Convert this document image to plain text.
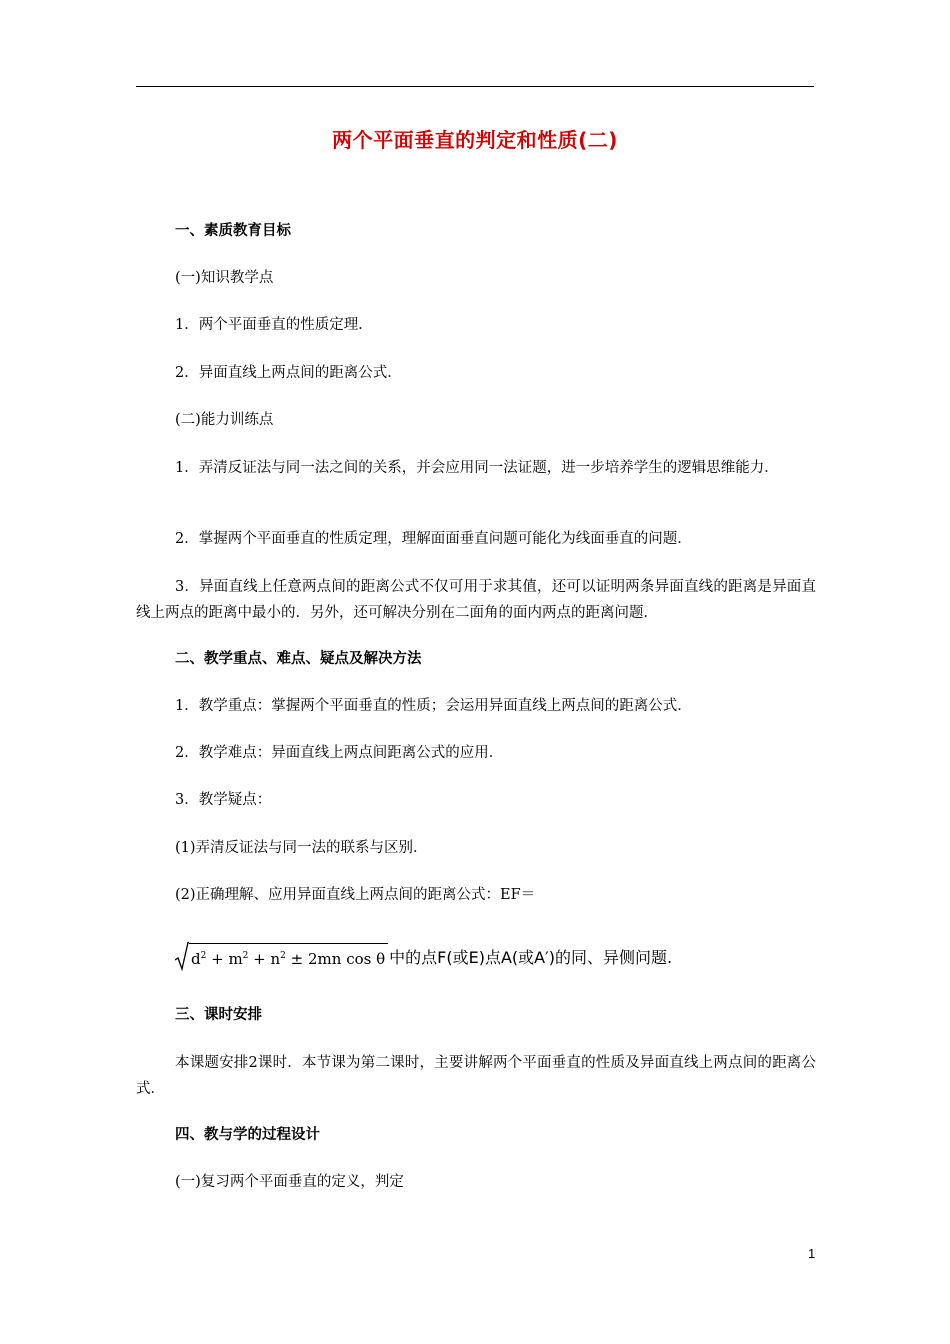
两个平面垂直的判定和性质(二)
一、素质教育目标
(一)知识教学点
1．两个平面垂直的性质定理．
2．异面直线上两点间的距离公式．
(二)能力训练点
1．弄清反证法与同一法之间的关系，并会应用同一法证题，进一步培养学生的逻辑思维能力．
2．掌握两个平面垂直的性质定理，理解面面垂直问题可能化为线面垂直的问题．
3．异面直线上任意两点间的距离公式不仅可用于求其值，还可以证明两条异面直线的距离是异面直线上两点的距离中最小的．另外，还可解决分别在二面角的面内两点的距离问题．
二、教学重点、难点、疑点及解决方法
1．教学重点：掌握两个平面垂直的性质；会运用异面直线上两点间的距离公式．
2．教学难点：异面直线上两点间距离公式的应用．
3．教学疑点：
(1)弄清反证法与同一法的联系与区别．
(2)正确理解、应用异面直线上两点间的距离公式：EF＝
$d^2 + m^2 + n^2 \pm 2mn$ cos θ 中的点F(或E)点A(或A′)的同、异侧问题.
三、课时安排
本课题安排2课时．本节课为第二课时，主要讲解两个平面垂直的性质及异面直线上两点间的距离公式．
四、教与学的过程设计
(一)复习两个平面垂直的定义，判定
1
